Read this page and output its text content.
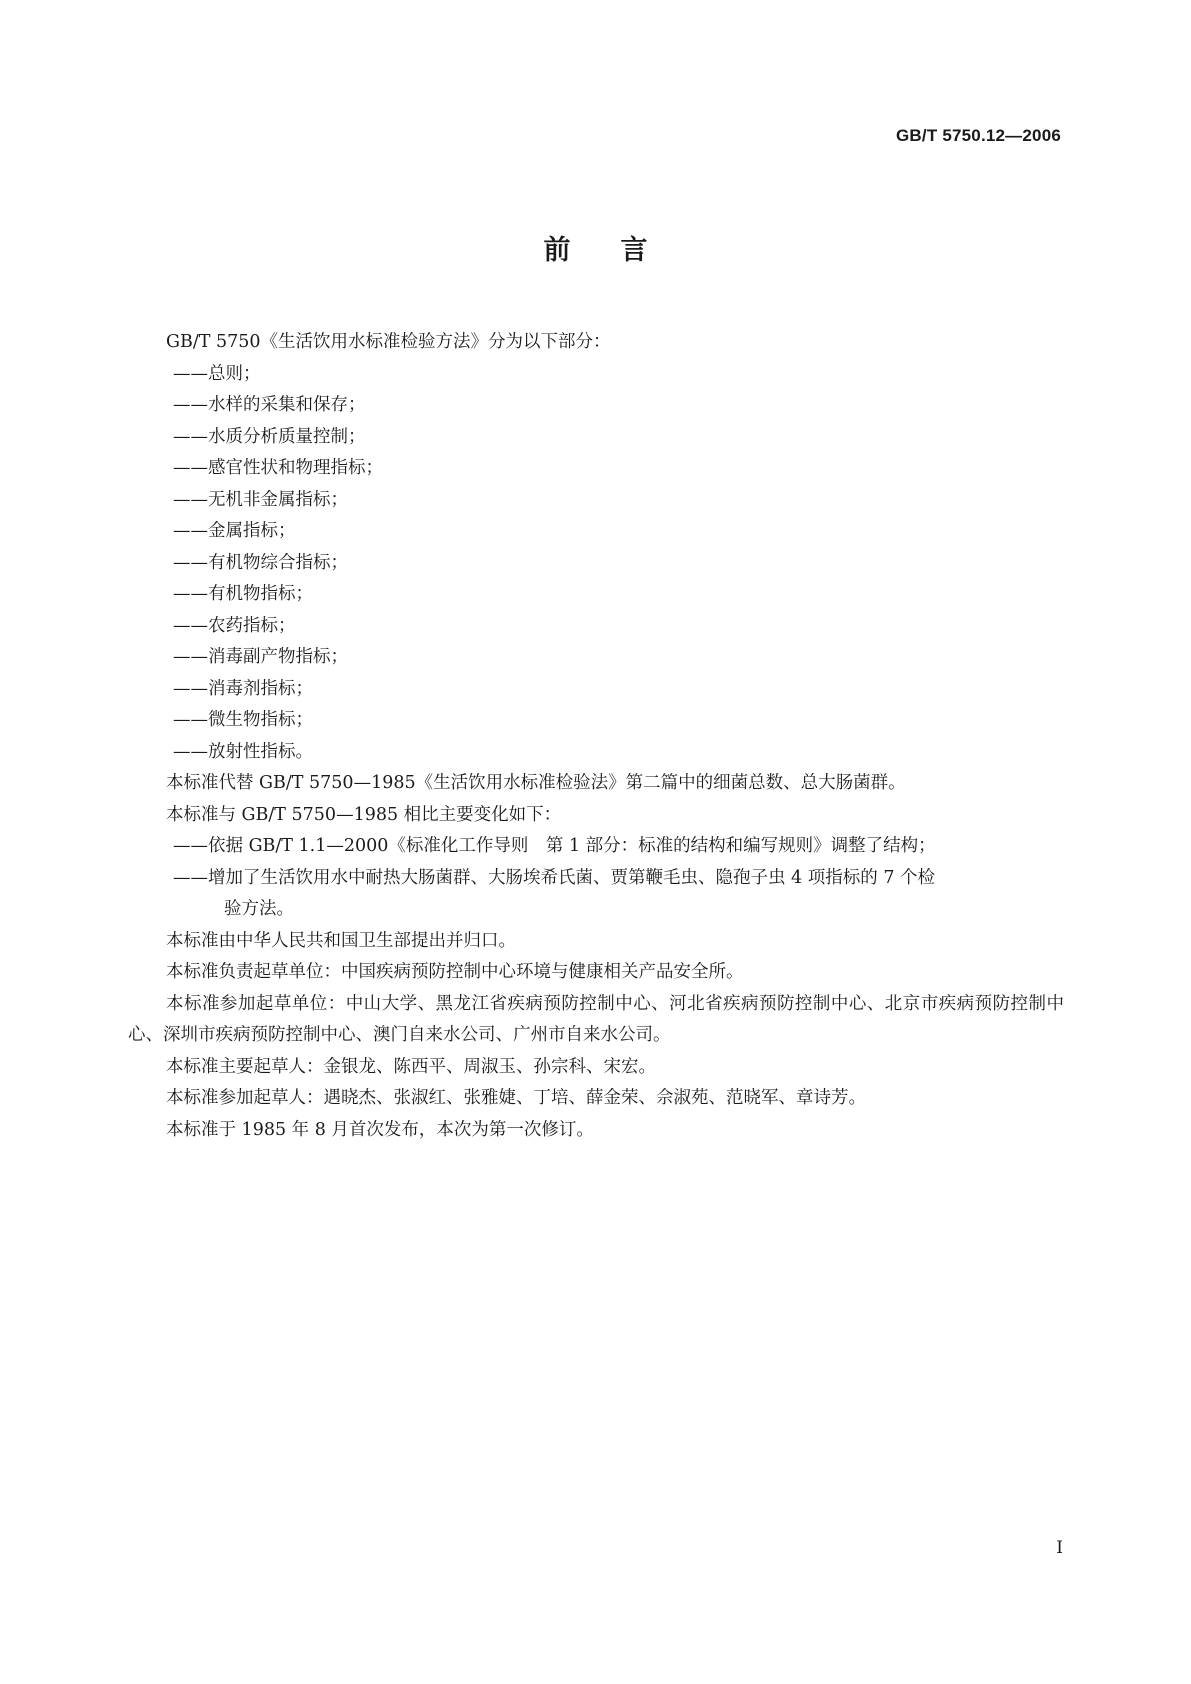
GB/T 5750.12—2006
前 言
GB/T 5750《生活饮用水标准检验方法》分为以下部分：
——总则；
——水样的采集和保存；
——水质分析质量控制；
——感官性状和物理指标；
——无机非金属指标；
——金属指标；
——有机物综合指标；
——有机物指标；
——农药指标；
——消毒副产物指标；
——消毒剂指标；
——微生物指标；
——放射性指标。
本标准代替 GB/T 5750—1985《生活饮用水标准检验法》第二篇中的细菌总数、总大肠菌群。
本标准与 GB/T 5750—1985 相比主要变化如下：
——依据 GB/T 1.1—2000《标准化工作导则　第 1 部分：标准的结构和编写规则》调整了结构；
——增加了生活饮用水中耐热大肠菌群、大肠埃希氏菌、贾第鞭毛虫、隐孢子虫 4 项指标的 7 个检
验方法。
本标准由中华人民共和国卫生部提出并归口。
本标准负责起草单位：中国疾病预防控制中心环境与健康相关产品安全所。
本标准参加起草单位：中山大学、黑龙江省疾病预防控制中心、河北省疾病预防控制中心、北京市疾病预防控制中心、深圳市疾病预防控制中心、澳门自来水公司、广州市自来水公司。
本标准主要起草人：金银龙、陈西平、周淑玉、孙宗科、宋宏。
本标准参加起草人：遇晓杰、张淑红、张雅婕、丁培、薛金荣、佘淑苑、范晓军、章诗芳。
本标准于 1985 年 8 月首次发布，本次为第一次修订。
I
